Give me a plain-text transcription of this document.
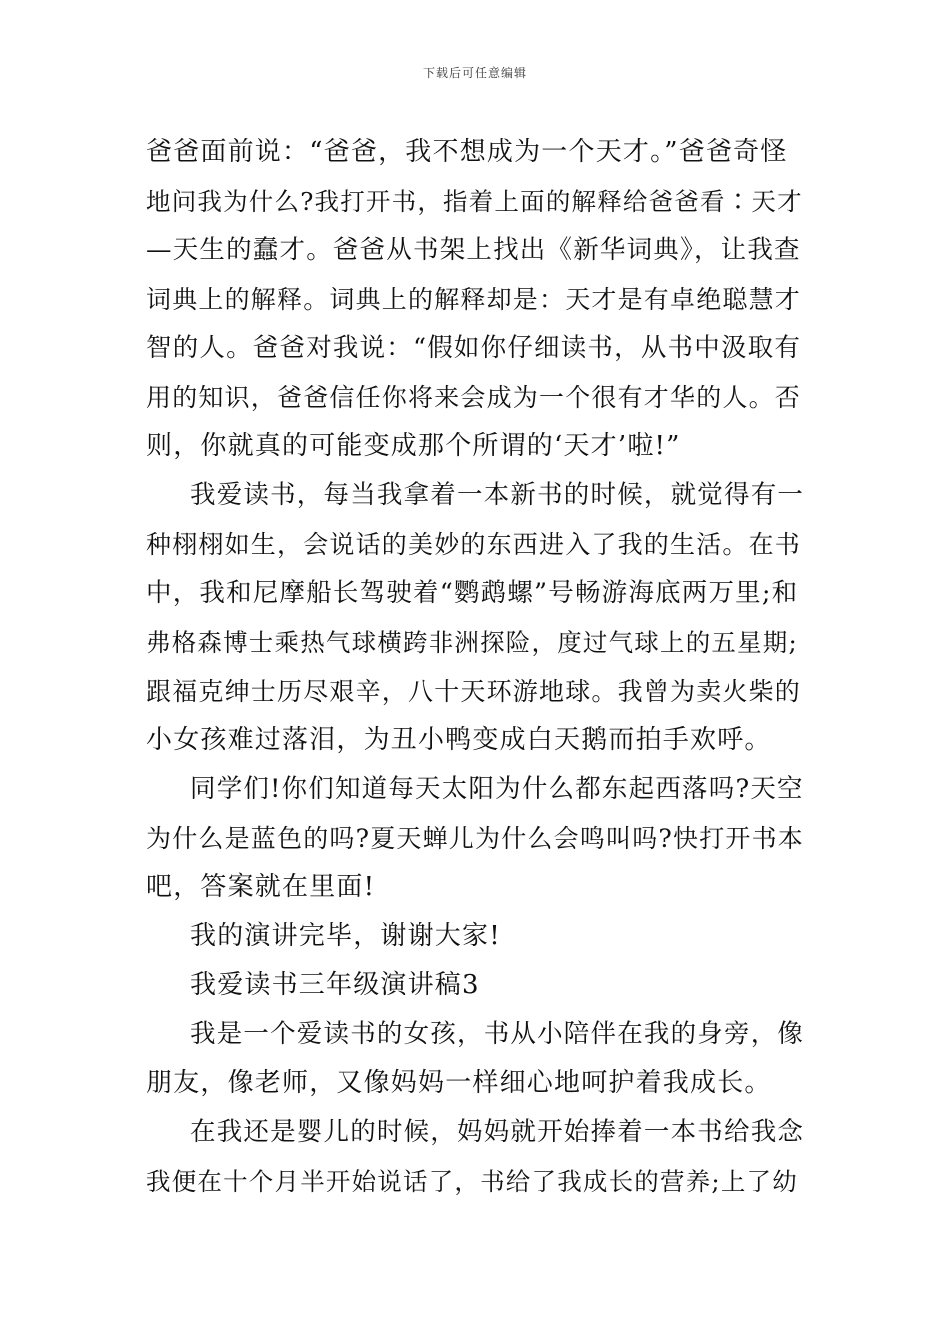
下载后可任意编辑
爸爸面前说：“爸爸，我不想成为一个天才。”爸爸奇怪
地问我为什么?我打开书，指着上面的解释给爸爸看∶天才
—天生的蠢才。爸爸从书架上找出《新华词典》，让我查
词典上的解释。词典上的解释却是：天才是有卓绝聪慧才
智的人。爸爸对我说：“假如你仔细读书，从书中汲取有
用的知识，爸爸信任你将来会成为一个很有才华的人。否
则，你就真的可能变成那个所谓的‘天才’啦!”
我爱读书，每当我拿着一本新书的时候，就觉得有一
种栩栩如生，会说话的美妙的东西进入了我的生活。在书
中，我和尼摩船长驾驶着“鹦鹉螺”号畅游海底两万里;和
弗格森博士乘热气球横跨非洲探险，度过气球上的五星期;
跟福克绅士历尽艰辛，八十天环游地球。我曾为卖火柴的
小女孩难过落泪，为丑小鸭变成白天鹅而拍手欢呼。
同学们!你们知道每天太阳为什么都东起西落吗?天空
为什么是蓝色的吗?夏天蝉儿为什么会鸣叫吗?快打开书本
吧，答案就在里面!
我的演讲完毕，谢谢大家!
我爱读书三年级演讲稿3
我是一个爱读书的女孩，书从小陪伴在我的身旁，像
朋友，像老师，又像妈妈一样细心地呵护着我成长。
在我还是婴儿的时候，妈妈就开始捧着一本书给我念
我便在十个月半开始说话了，书给了我成长的营养;上了幼
